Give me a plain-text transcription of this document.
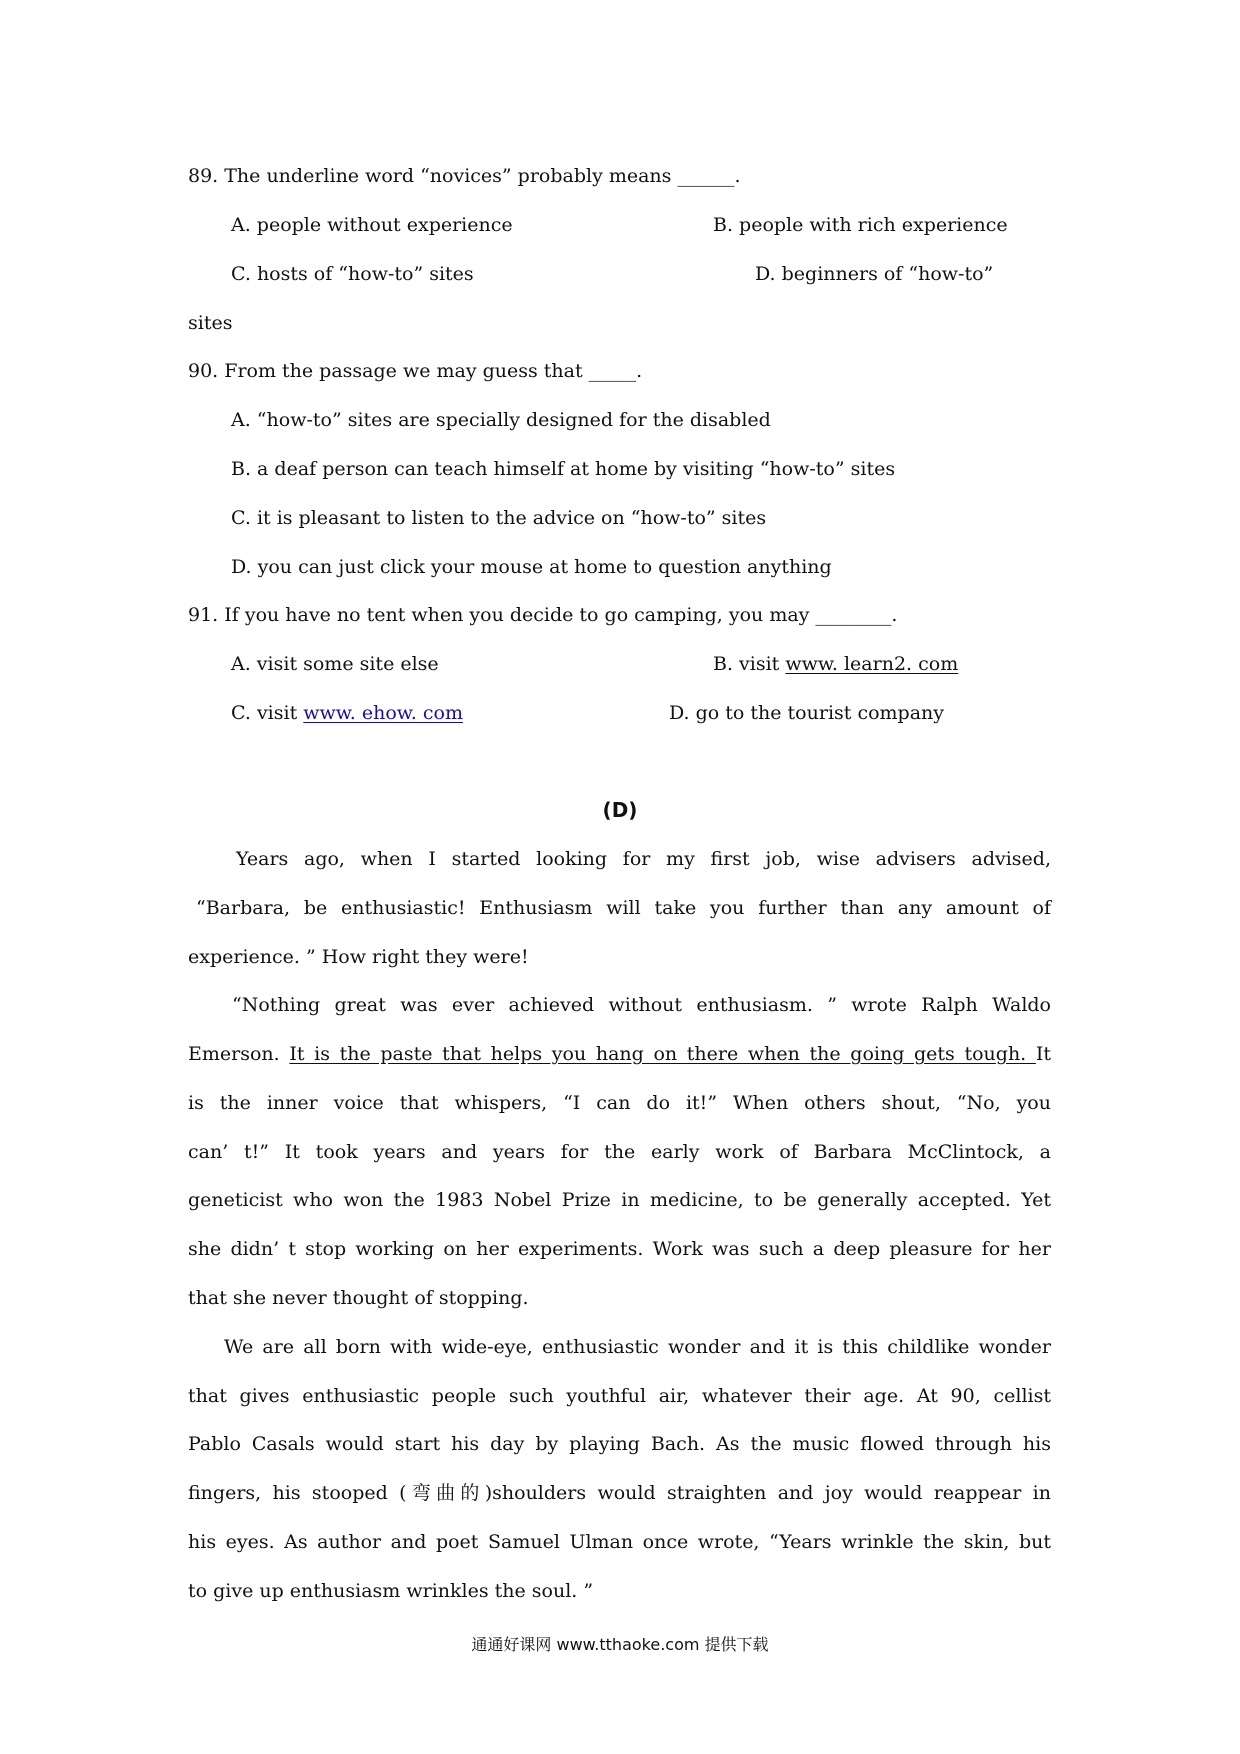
89. The underline word “novices” probably means ______.
A. people without experience	B. people with rich experience
C. hosts of “how-to” sites	D. beginners of “how-to”
sites
90. From the passage we may guess that _____.
A. “how-to” sites are specially designed for the disabled
B. a deaf person can teach himself at home by visiting “how-to” sites
C. it is pleasant to listen to the advice on “how-to” sites
D. you can just click your mouse at home to question anything
91. If you have no tent when you decide to go camping, you may ________.
A. visit some site else	B. visit www. learn2. com
C. visit www. ehow. com	D. go to the tourist company
(D)
Years ago, when I started looking for my first job, wise advisers advised,
“Barbara, be enthusiastic! Enthusiasm will take you further than any amount of
experience. ” How right they were!
“Nothing great was ever achieved without enthusiasm. ” wrote Ralph Waldo
Emerson. It is the paste that helps you hang on there when the going gets tough. It
is the inner voice that whispers, “I can do it!” When others shout, “No, you
can’ t!” It took years and years for the early work of Barbara McClintock, a
geneticist who won the 1983 Nobel Prize in medicine, to be generally accepted. Yet
she didn’ t stop working on her experiments. Work was such a deep pleasure for her
that she never thought of stopping.
We are all born with wide-eye, enthusiastic wonder and it is this childlike wonder
that gives enthusiastic people such youthful air, whatever their age. At 90, cellist
Pablo Casals would start his day by playing Bach. As the music flowed through his
fingers, his stooped (弯曲的)shoulders would straighten and joy would reappear in
his eyes. As author and poet Samuel Ulman once wrote, “Years wrinkle the skin, but
to give up enthusiasm wrinkles the soul. ”
通通好课网 www.tthaoke.com 提供下载
